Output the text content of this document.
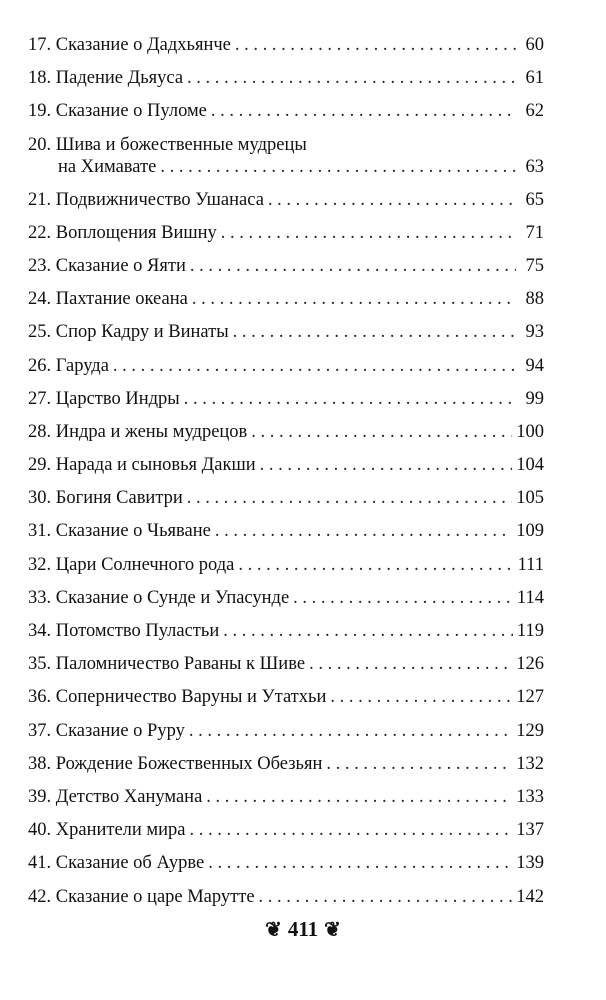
17. Сказание о Дадхьянче . . .	60
18. Падение Дьяуса . . .	61
19. Сказание о Пуломе . . .	62
20. Шива и божественные мудрецы
на Химавате . . .	63
21. Подвижничество Ушанаса . . .	65
22. Воплощения Вишну . . .	71
23. Сказание о Яяти . . .	75
24. Пахтание океана . . .	88
25. Спор Кадру и Винаты . . .	93
26. Гаруда . . .	94
27. Царство Индры . . .	99
28. Индра и жены мудрецов . . .	100
29. Нарада и сыновья Дакши . . .	104
30. Богиня Савитри . . .	105
31. Сказание о Чьяване . . .	109
32. Цари Солнечного рода . . .	111
33. Сказание о Сунде и Упасунде . . .	114
34. Потомство Пуластьи . . .	119
35. Паломничество Раваны к Шиве . . .	126
36. Соперничество Варуны и Утатхьи . . .	127
37. Сказание о Руру . . .	129
38. Рождение Божественных Обезьян . . .	132
39. Детство Ханумана . . .	133
40. Хранители мира . . .	137
41. Сказание об Аурве . . .	139
42. Сказание о царе Марутте . . .	142
❦ 411 ❦
